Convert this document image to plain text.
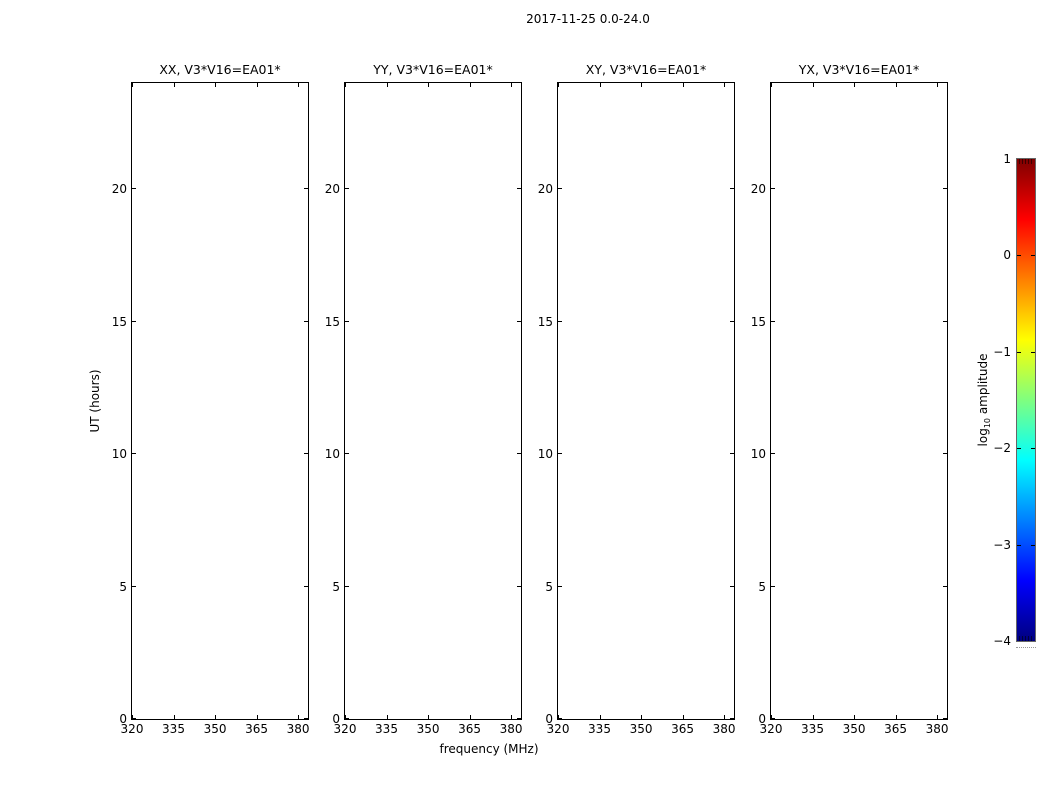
2017-11-25 0.0-24.0
XX, V3*V16=EA01*
320 335 350 365 380
0
5
10
15
20
YY, V3*V16=EA01*
320 335 350 365 380
0
5
10
15
20
XY, V3*V16=EA01*
320 335 350 365 380
0
5
10
15
20
YX, V3*V16=EA01*
320 335 350 365 380
0
5
10
15
20
frequency (MHz)
UT (hours)
1
0
−1
−2
−3
−4
$\log_{10}$ amplitude
